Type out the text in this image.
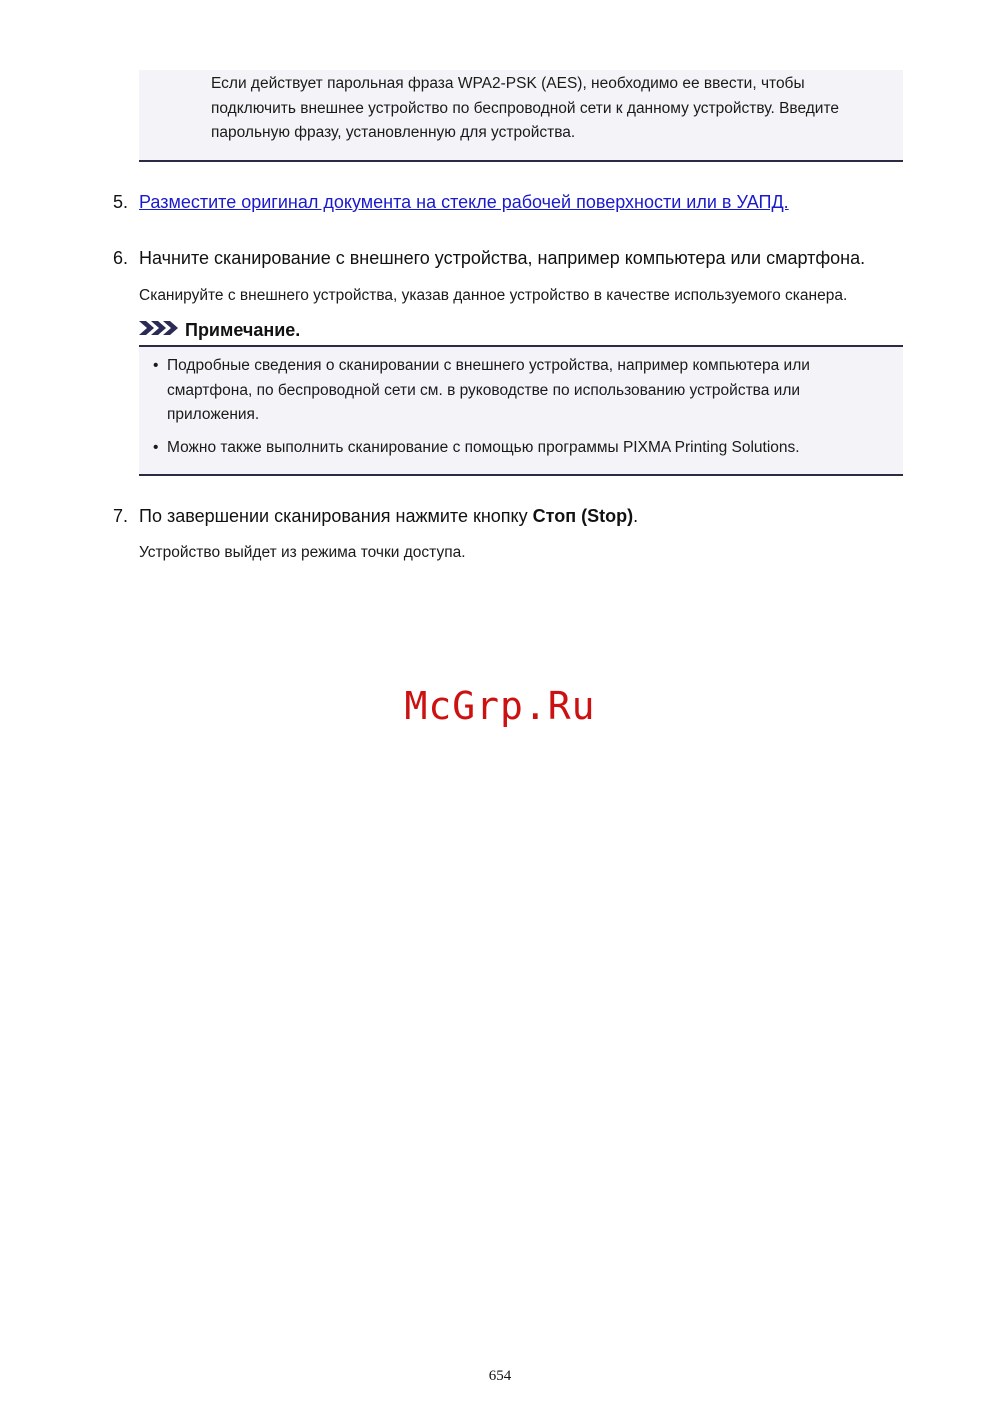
Если действует парольная фраза WPA2-PSK (AES), необходимо ее ввести, чтобы подключить внешнее устройство по беспроводной сети к данному устройству. Введите парольную фразу, установленную для устройства.

5. Разместите оригинал документа на стекле рабочей поверхности или в УАПД.
6. Начните сканирование с внешнего устройства, например компьютера или смартфона.
Сканируйте с внешнего устройства, указав данное устройство в качестве используемого сканера.
Примечание.
• Подробные сведения о сканировании с внешнего устройства, например компьютера или смартфона, по беспроводной сети см. в руководстве по использованию устройства или приложения.
• Можно также выполнить сканирование с помощью программы PIXMA Printing Solutions.
7. По завершении сканирования нажмите кнопку Стоп (Stop).
Устройство выйдет из режима точки доступа.
McGrp.Ru
654
